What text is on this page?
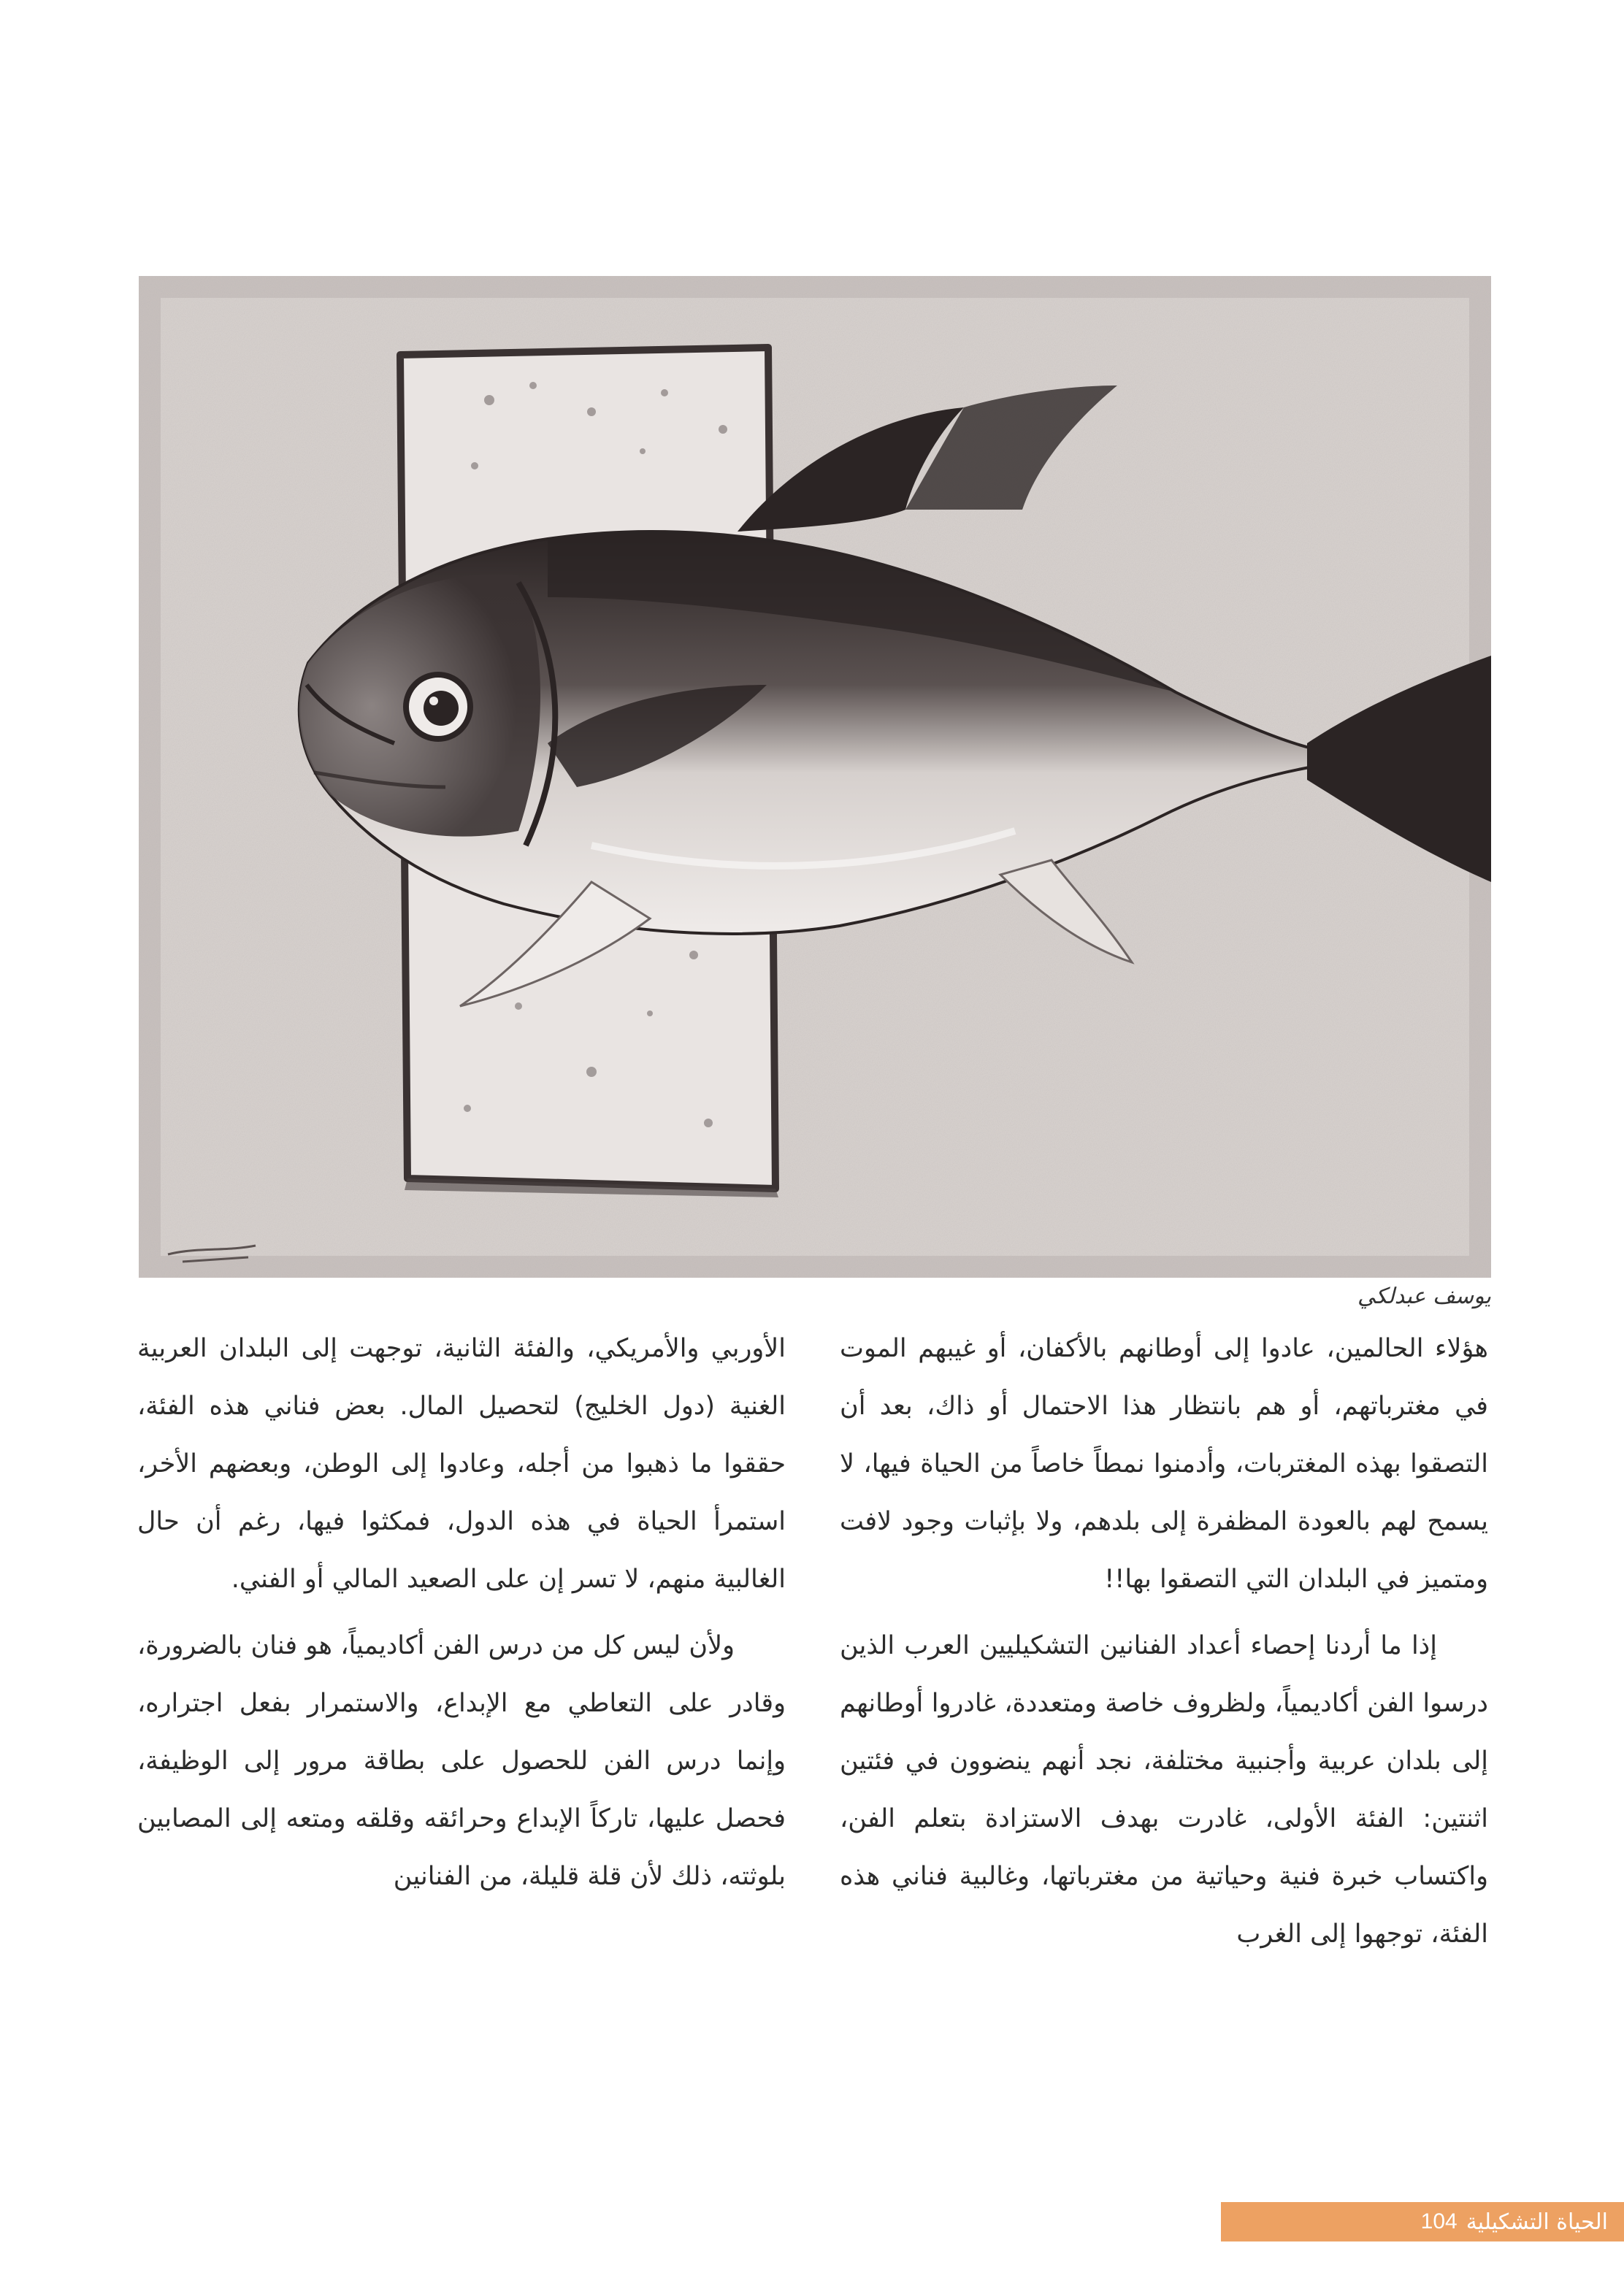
يوسف عبدلكي

هؤلاء الحالمين، عادوا إلى أوطانهم بالأكفان، أو غيبهم الموت في مغترباتهم، أو هم بانتظار هذا الاحتمال أو ذاك، بعد أن التصقوا بهذه المغتربات، وأدمنوا نمطاً خاصاً من الحياة فيها، لا يسمح لهم بالعودة المظفرة إلى بلدهم، ولا بإثبات وجود لافت ومتميز في البلدان التي التصقوا بها!!

إذا ما أردنا إحصاء أعداد الفنانين التشكيليين العرب الذين درسوا الفن أكاديمياً، ولظروف خاصة ومتعددة، غادروا أوطانهم إلى بلدان عربية وأجنبية مختلفة، نجد أنهم ينضوون في فئتين اثنتين: الفئة الأولى، غادرت بهدف الاستزادة بتعلم الفن، واكتساب خبرة فنية وحياتية من مغترباتها، وغالبية فناني هذه الفئة، توجهوا إلى الغرب

الأوربي والأمريكي، والفئة الثانية، توجهت إلى البلدان العربية الغنية (دول الخليج) لتحصيل المال. بعض فناني هذه الفئة، حققوا ما ذهبوا من أجله، وعادوا إلى الوطن، وبعضهم الأخر، استمرأ الحياة في هذه الدول، فمكثوا فيها، رغم أن حال الغالبية منهم، لا تسر إن على الصعيد المالي أو الفني.

ولأن ليس كل من درس الفن أكاديمياً، هو فنان بالضرورة، وقادر على التعاطي مع الإبداع، والاستمرار بفعل اجتراره، وإنما درس الفن للحصول على بطاقة مرور إلى الوظيفة، فحصل عليها، تاركاً الإبداع وحرائقه وقلقه ومتعه إلى المصابين بلوثته، ذلك لأن قلة قليلة، من الفنانين

الحياة التشكيلية
104
